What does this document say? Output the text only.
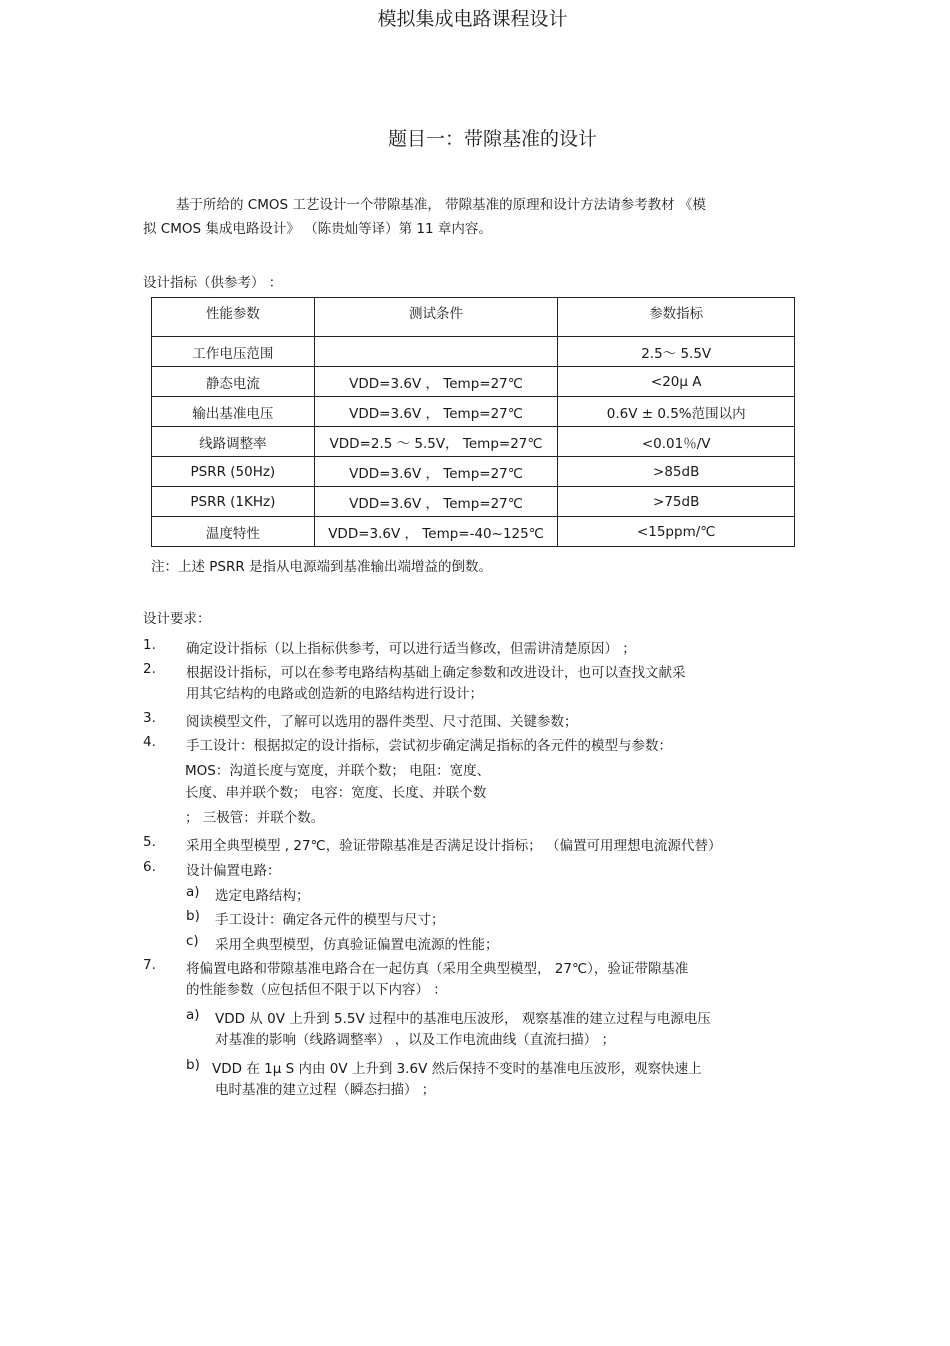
模拟集成电路课程设计
题目一：带隙基准的设计
基于所给的 CMOS 工艺设计一个带隙基准， 带隙基准的原理和设计方法请参考教材 《模
拟 CMOS 集成电路设计》 （陈贵灿等译）第 11 章内容。
设计指标（供参考） ：
性能参数	测试条件	参数指标
工作电压范围		2.5～ 5.5V
静态电流	VDD=3.6V ， Temp=27℃	<20μ A
输出基准电压	VDD=3.6V ， Temp=27℃	0.6V ± 0.5%范围以内
线路调整率	VDD=2.5 ～ 5.5V， Temp=27℃	<0.01％/V
PSRR (50Hz)	VDD=3.6V ， Temp=27℃	>85dB
PSRR (1KHz)	VDD=3.6V ， Temp=27℃	>75dB
温度特性	VDD=3.6V ， Temp=-40~125℃	<15ppm/℃
注：上述 PSRR 是指从电源端到基准输出端增益的倒数。
设计要求：
1. 确定设计指标（以上指标供参考，可以进行适当修改，但需讲清楚原因） ；
2. 根据设计指标，可以在参考电路结构基础上确定参数和改进设计，也可以查找文献采
用其它结构的电路或创造新的电路结构进行设计；
3. 阅读模型文件，了解可以选用的器件类型、尺寸范围、关键参数；
4. 手工设计：根据拟定的设计指标，尝试初步确定满足指标的各元件的模型与参数：
MOS：沟道长度与宽度，并联个数； 电阻：宽度、
长度、串并联个数； 电容：宽度、长度、并联个数
； 三极管：并联个数。
5. 采用全典型模型 , 27℃，验证带隙基准是否满足设计指标； （偏置可用理想电流源代替）
6. 设计偏置电路：
a) 选定电路结构；
b) 手工设计：确定各元件的模型与尺寸；
c) 采用全典型模型，仿真验证偏置电流源的性能；
7. 将偏置电路和带隙基准电路合在一起仿真（采用全典型模型， 27℃），验证带隙基准
的性能参数（应包括但不限于以下内容） ：
a) VDD 从 0V 上升到 5.5V 过程中的基准电压波形， 观察基准的建立过程与电源电压
对基准的影响（线路调整率） ，以及工作电流曲线（直流扫描） ；
b) VDD 在 1μ S 内由 0V 上升到 3.6V 然后保持不变时的基准电压波形，观察快速上
电时基准的建立过程（瞬态扫描） ；
